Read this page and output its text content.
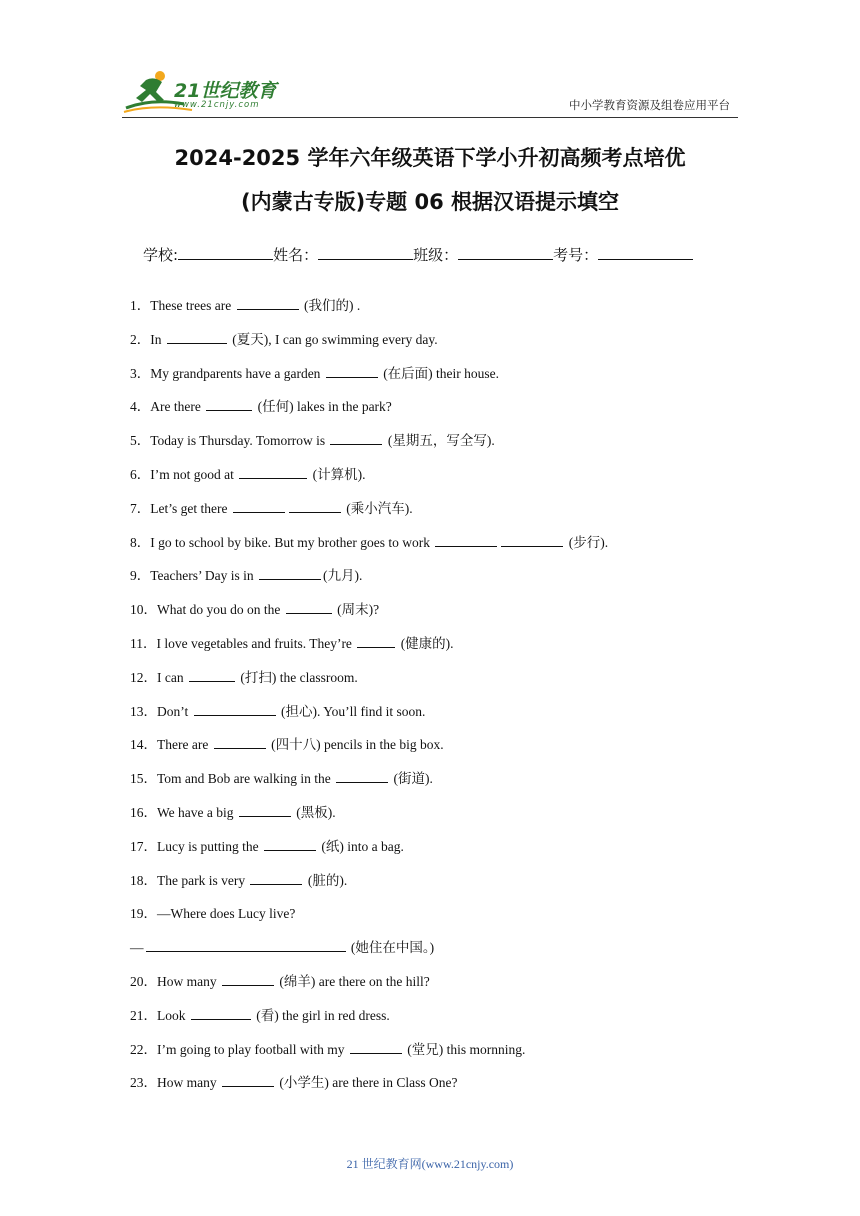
21世纪教育
www.21cnjy.com	中小学教育资源及组卷应用平台
2024-2025 学年六年级英语下学小升初高频考点培优
(内蒙古专版)专题 06 根据汉语提示填空
学校:	姓名：	班级：	考号：
1．These trees are	(我们的) .
2．In	(夏天), I can go swimming every day.
3．My grandparents have a garden	(在后面) their house.
4．Are there	(任何) lakes in the park?
5．Today is Thursday. Tomorrow is	(星期五，写全写).
6．I’m not good at	(计算机).
7．Let’s get there	(乘小汽车).
8．I go to school by bike. But my brother goes to work	(步行).
9．Teachers’ Day is in	(九月).
10．What do you do on the	(周末)?
11．I love vegetables and fruits. They’re	(健康的).
12．I can	(打扫) the classroom.
13．Don’t	(担心). You’ll find it soon.
14．There are	(四十八) pencils in the big box.
15．Tom and Bob are walking in the	(街道).
16．We have a big	(黑板).
17．Lucy is putting the	(纸) into a bag.
18．The park is very	(脏的).
19．—Where does Lucy live?
—	(她住在中国。)
20．How many	(绵羊) are there on the hill?
21．Look	(看) the girl in red dress.
22．I’m going to play football with my	(堂兄) this mornning.
23．How many	(小学生) are there in Class One?
21 世纪教育网(www.21cnjy.com)
